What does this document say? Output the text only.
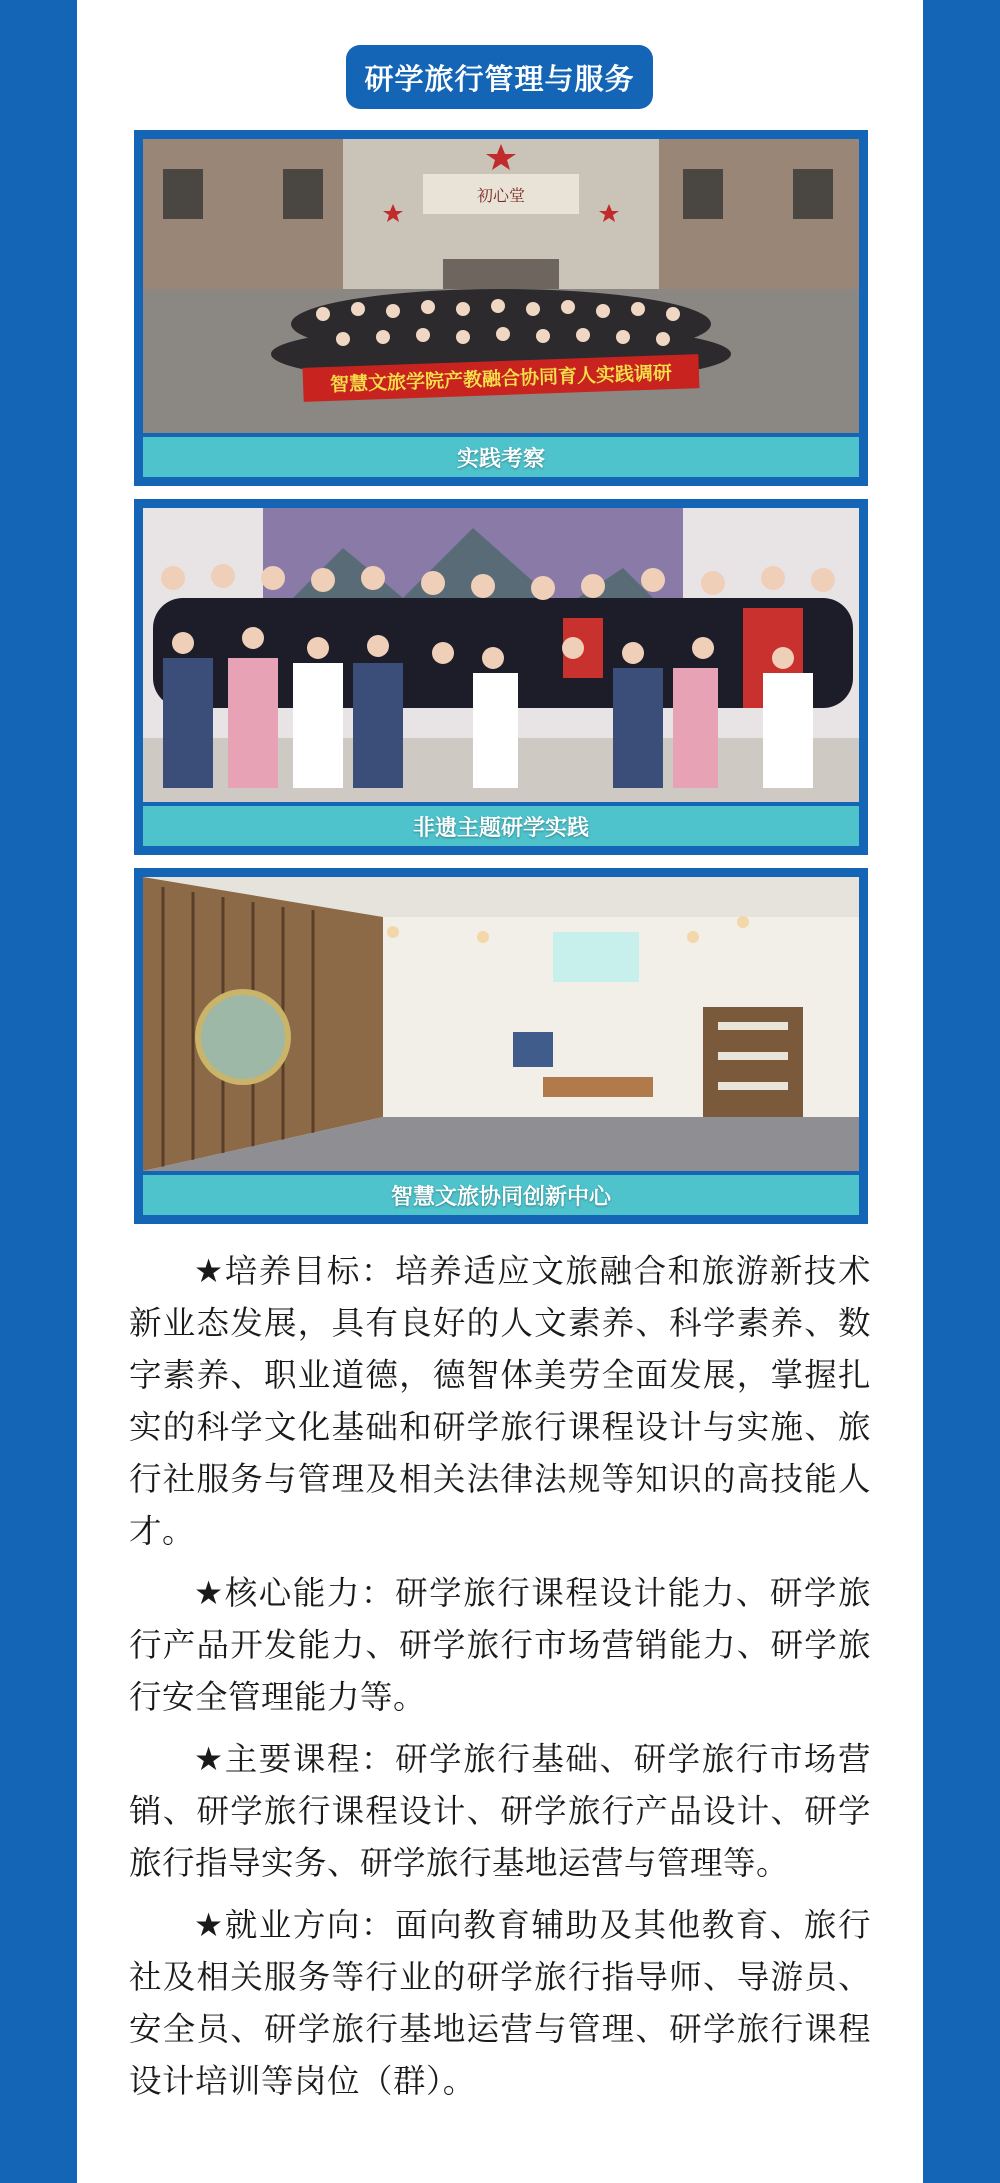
研学旅行管理与服务
智慧文旅学院产教融合协同育人实践调研
初心堂
实践考察
非遗主题研学实践
智慧文旅协同创新中心

★培养目标：培养适应文旅融合和旅游新技术新业态发展，具有良好的人文素养、科学素养、数字素养、职业道德，德智体美劳全面发展，掌握扎实的科学文化基础和研学旅行课程设计与实施、旅行社服务与管理及相关法律法规等知识的高技能人才。

★核心能力：研学旅行课程设计能力、研学旅行产品开发能力、研学旅行市场营销能力、研学旅行安全管理能力等。

★主要课程：研学旅行基础、研学旅行市场营销、研学旅行课程设计、研学旅行产品设计、研学旅行指导实务、研学旅行基地运营与管理等。

★就业方向：面向教育辅助及其他教育、旅行社及相关服务等行业的研学旅行指导师、导游员、安全员、研学旅行基地运营与管理、研学旅行课程设计培训等岗位（群）。
